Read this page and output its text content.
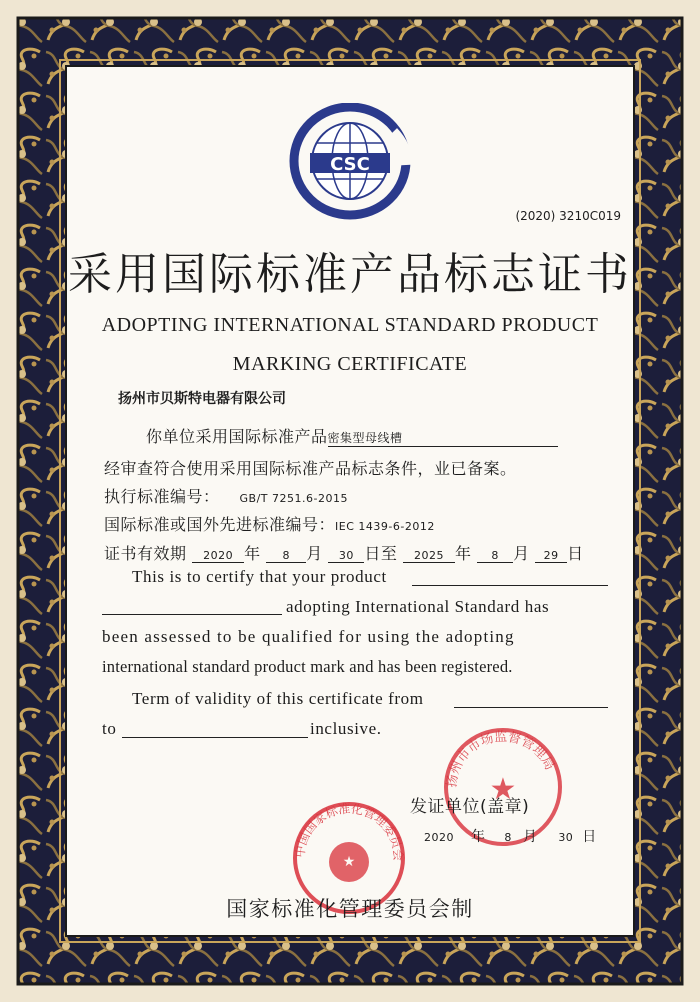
CSC
(2020) 3210C019
采用国际标准产品标志证书
ADOPTING INTERNATIONAL STANDARD PRODUCT
MARKING CERTIFICATE
扬州市贝斯特电器有限公司
你单位采用国际标准产品密集型母线槽
经审查符合使用采用国际标准产品标志条件，业已备案。
执行标准编号： GB/T 7251.6-2015
国际标准或国外先进标准编号：IEC 1439-6-2012
证书有效期 2020 年 8 月 30 日至 2025 年 8 月 29 日
This is to certify that your product
adopting International Standard has
been assessed to be qualified for using the adopting
international standard product mark and has been registered.
Term of validity of this certificate from
to	inclusive.
中国国家标准化管理委员会
★
扬州市市场监督管理局
★
发证单位(盖章)
2020 年 8 月 30 日
国家标准化管理委员会制
